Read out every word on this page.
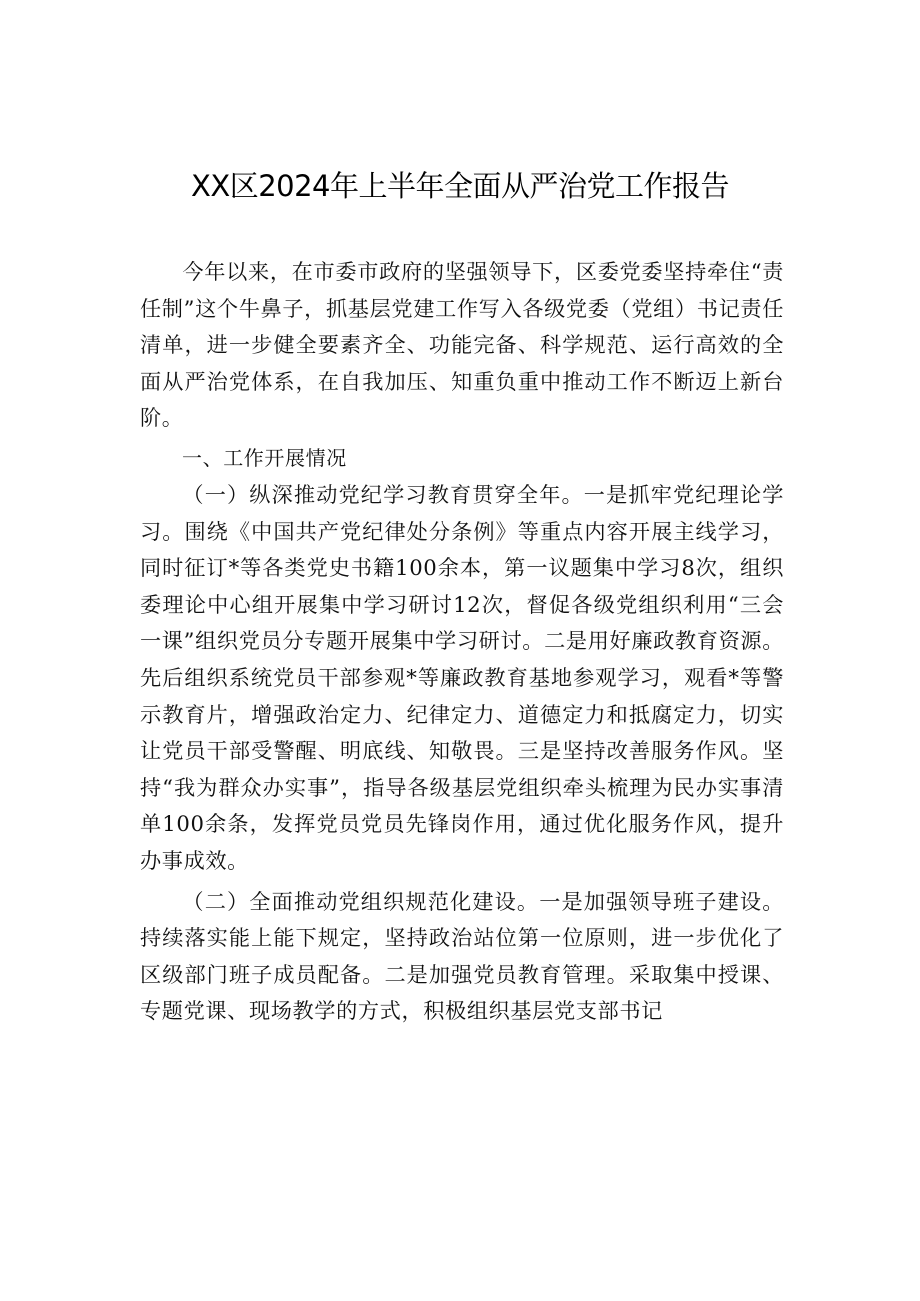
XX区2024年上半年全面从严治党工作报告

今年以来，在市委市政府的坚强领导下，区委党委坚持牵住“责任制”这个牛鼻子，抓基层党建工作写入各级党委（党组）书记责任清单，进一步健全要素齐全、功能完备、科学规范、运行高效的全面从严治党体系，在自我加压、知重负重中推动工作不断迈上新台阶。

一、工作开展情况

（一）纵深推动党纪学习教育贯穿全年。一是抓牢党纪理论学习。围绕《中国共产党纪律处分条例》等重点内容开展主线学习，同时征订*等各类党史书籍100余本，第一议题集中学习8次，组织委理论中心组开展集中学习研讨12次，督促各级党组织利用“三会一课”组织党员分专题开展集中学习研讨。二是用好廉政教育资源。先后组织系统党员干部参观*等廉政教育基地参观学习，观看*等警示教育片，增强政治定力、纪律定力、道德定力和抵腐定力，切实让党员干部受警醒、明底线、知敬畏。三是坚持改善服务作风。坚持“我为群众办实事”，指导各级基层党组织牵头梳理为民办实事清单100余条，发挥党员党员先锋岗作用，通过优化服务作风，提升办事成效。

（二）全面推动党组织规范化建设。一是加强领导班子建设。持续落实能上能下规定，坚持政治站位第一位原则，进一步优化了区级部门班子成员配备。二是加强党员教育管理。采取集中授课、专题党课、现场教学的方式，积极组织基层党支部书记
